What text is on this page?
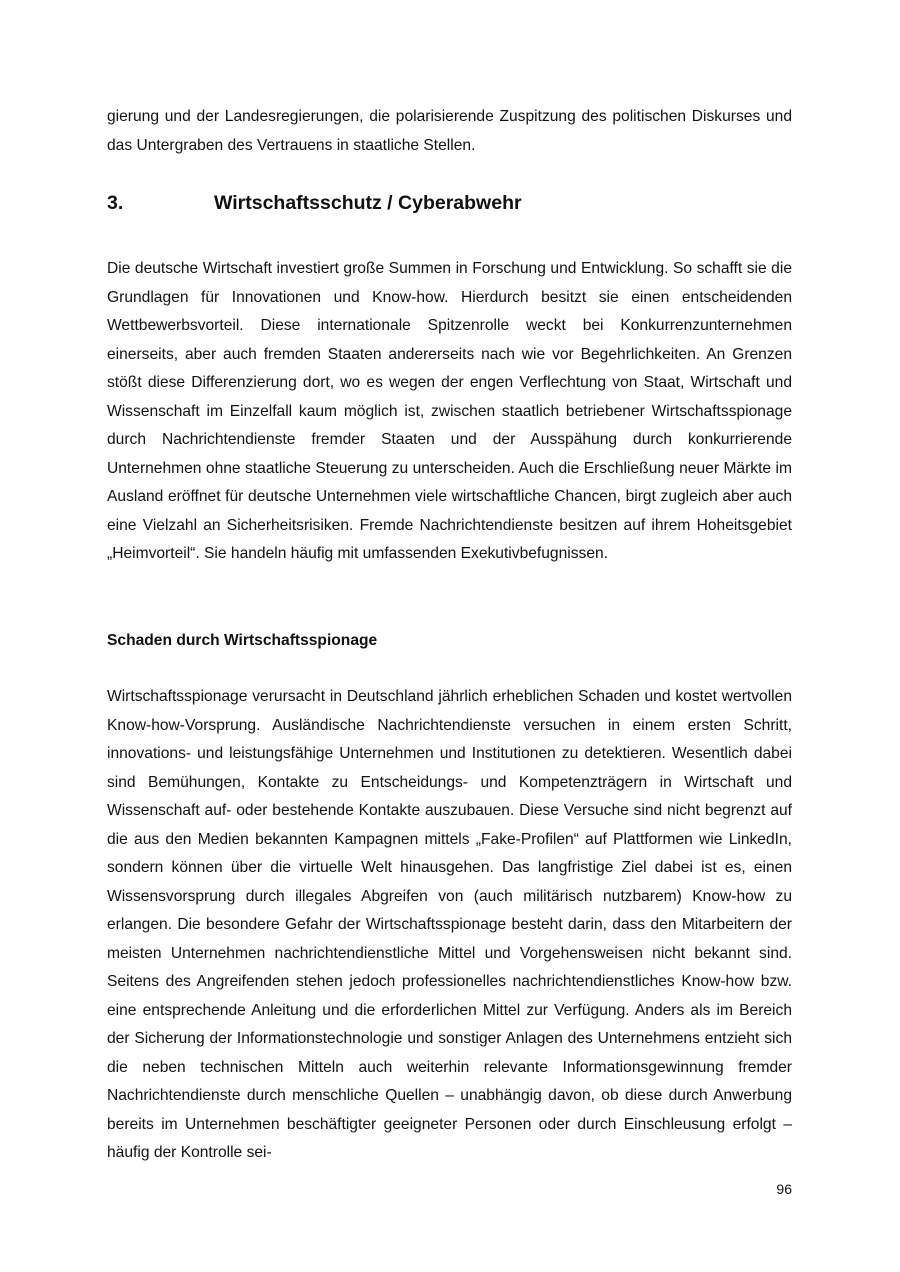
gierung und der Landesregierungen, die polarisierende Zuspitzung des politischen Diskurses und das Untergraben des Vertrauens in staatliche Stellen.

3.	Wirtschaftsschutz / Cyberabwehr

Die deutsche Wirtschaft investiert große Summen in Forschung und Entwicklung. So schafft sie die Grundlagen für Innovationen und Know-how. Hierdurch besitzt sie einen entscheidenden Wettbewerbsvorteil. Diese internationale Spitzenrolle weckt bei Konkurrenzunternehmen einerseits, aber auch fremden Staaten andererseits nach wie vor Begehrlichkeiten. An Grenzen stößt diese Differenzierung dort, wo es wegen der engen Verflechtung von Staat, Wirtschaft und Wissenschaft im Einzelfall kaum möglich ist, zwischen staatlich betriebener Wirtschaftsspionage durch Nachrichtendienste fremder Staaten und der Ausspähung durch konkurrierende Unternehmen ohne staatliche Steuerung zu unterscheiden. Auch die Erschließung neuer Märkte im Ausland eröffnet für deutsche Unternehmen viele wirtschaftliche Chancen, birgt zugleich aber auch eine Vielzahl an Sicherheitsrisiken. Fremde Nachrichtendienste besitzen auf ihrem Hoheitsgebiet „Heimvorteil“. Sie handeln häufig mit umfassenden Exekutivbefugnissen.

Schaden durch Wirtschaftsspionage

Wirtschaftsspionage verursacht in Deutschland jährlich erheblichen Schaden und kostet wertvollen Know-how-Vorsprung. Ausländische Nachrichtendienste versuchen in einem ersten Schritt, innovations- und leistungsfähige Unternehmen und Institutionen zu detektieren. Wesentlich dabei sind Bemühungen, Kontakte zu Entscheidungs- und Kompetenzträgern in Wirtschaft und Wissenschaft auf- oder bestehende Kontakte auszubauen. Diese Versuche sind nicht begrenzt auf die aus den Medien bekannten Kampagnen mittels „Fake-Profilen“ auf Plattformen wie LinkedIn, sondern können über die virtuelle Welt hinausgehen. Das langfristige Ziel dabei ist es, einen Wissensvorsprung durch illegales Abgreifen von (auch militärisch nutzbarem) Know-how zu erlangen. Die besondere Gefahr der Wirtschaftsspionage besteht darin, dass den Mitarbeitern der meisten Unternehmen nachrichtendienstliche Mittel und Vorgehensweisen nicht bekannt sind. Seitens des Angreifenden stehen jedoch professionelles nachrichtendienstliches Know-how bzw. eine entsprechende Anleitung und die erforderlichen Mittel zur Verfügung. Anders als im Bereich der Sicherung der Informationstechnologie und sonstiger Anlagen des Unternehmens entzieht sich die neben technischen Mitteln auch weiterhin relevante Informationsgewinnung fremder Nachrichtendienste durch menschliche Quellen – unabhängig davon, ob diese durch Anwerbung bereits im Unternehmen beschäftigter geeigneter Personen oder durch Einschleusung erfolgt – häufig der Kontrolle sei-

96
